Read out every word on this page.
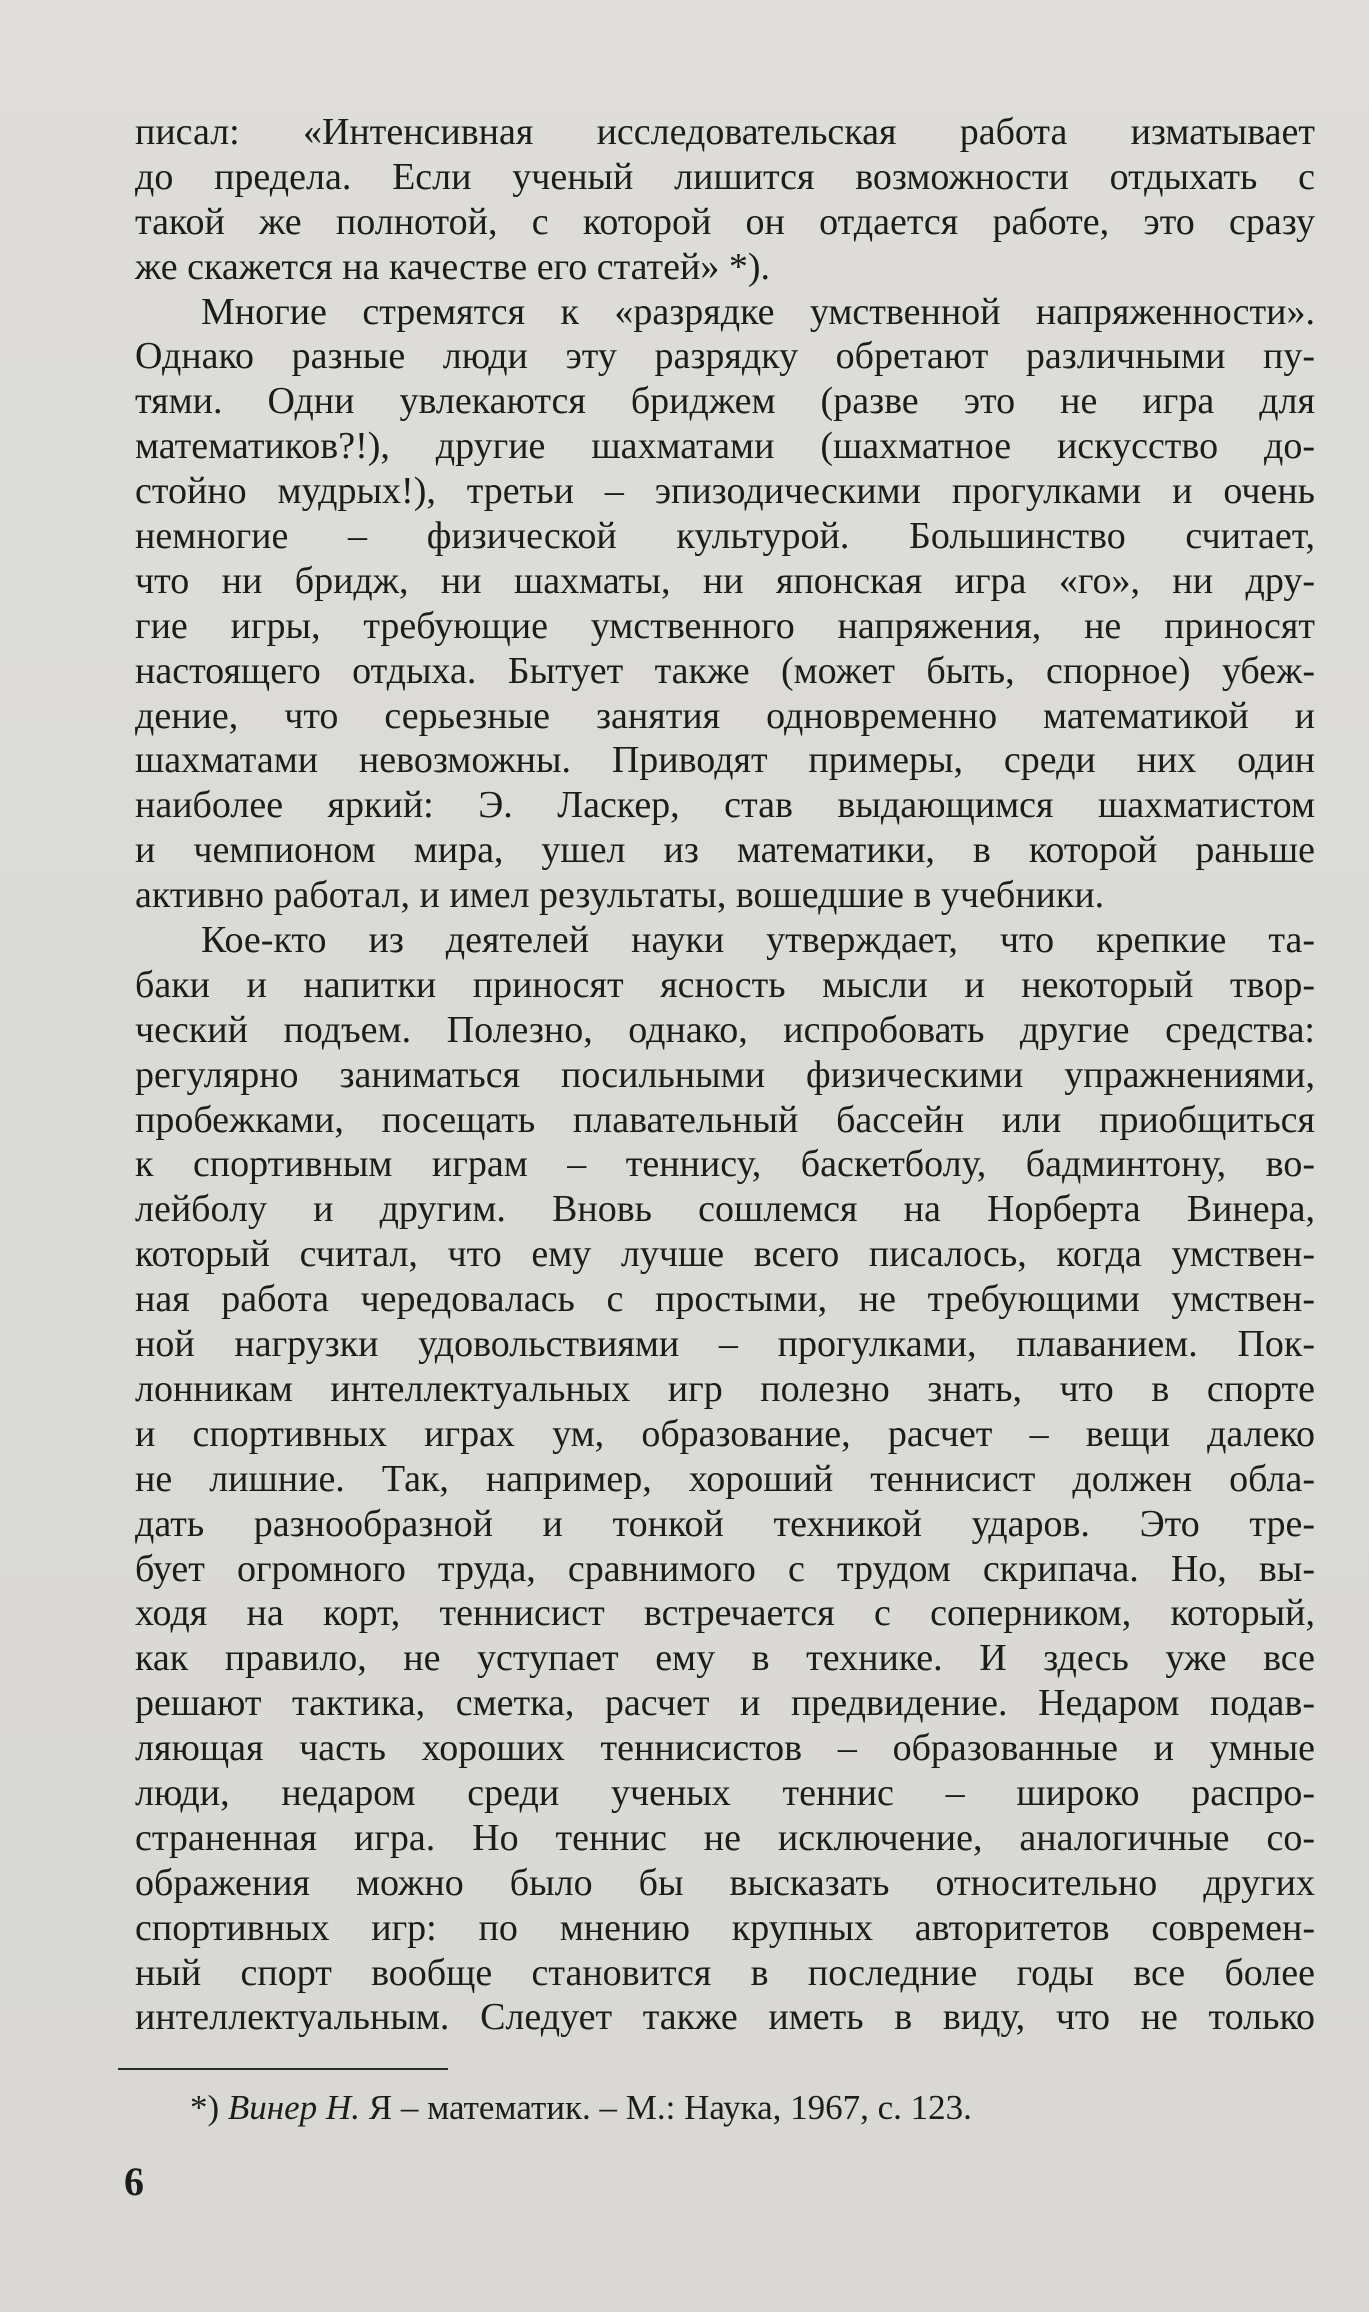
писал: «Интенсивная исследовательская работа изматывает
до предела. Если ученый лишится возможности отдыхать с
такой же полнотой, с которой он отдается работе, это сразу
же скажется на качестве его статей» *).
Многие стремятся к «разрядке умственной напряженности».
Однако разные люди эту разрядку обретают различными пу-
тями. Одни увлекаются бриджем (разве это не игра для
математиков?!), другие шахматами (шахматное искусство до-
стойно мудрых!), третьи – эпизодическими прогулками и очень
немногие – физической культурой. Большинство считает,
что ни бридж, ни шахматы, ни японская игра «го», ни дру-
гие игры, требующие умственного напряжения, не приносят
настоящего отдыха. Бытует также (может быть, спорное) убеж-
дение, что серьезные занятия одновременно математикой и
шахматами невозможны. Приводят примеры, среди них один
наиболее яркий: Э. Ласкер, став выдающимся шахматистом
и чемпионом мира, ушел из математики, в которой раньше
активно работал, и имел результаты, вошедшие в учебники.
Кое-кто из деятелей науки утверждает, что крепкие та-
баки и напитки приносят ясность мысли и некоторый твор-
ческий подъем. Полезно, однако, испробовать другие средства:
регулярно заниматься посильными физическими упражнениями,
пробежками, посещать плавательный бассейн или приобщиться
к спортивным играм – теннису, баскетболу, бадминтону, во-
лейболу и другим. Вновь сошлемся на Норберта Винера,
который считал, что ему лучше всего писалось, когда умствен-
ная работа чередовалась с простыми, не требующими умствен-
ной нагрузки удовольствиями – прогулками, плаванием. Пок-
лонникам интеллектуальных игр полезно знать, что в спорте
и спортивных играх ум, образование, расчет – вещи далеко
не лишние. Так, например, хороший теннисист должен обла-
дать разнообразной и тонкой техникой ударов. Это тре-
бует огромного труда, сравнимого с трудом скрипача. Но, вы-
ходя на корт, теннисист встречается с соперником, который,
как правило, не уступает ему в технике. И здесь уже все
решают тактика, сметка, расчет и предвидение. Недаром подав-
ляющая часть хороших теннисистов – образованные и умные
люди, недаром среди ученых теннис – широко распро-
страненная игра. Но теннис не исключение, аналогичные со-
ображения можно было бы высказать относительно других
спортивных игр: по мнению крупных авторитетов современ-
ный спорт вообще становится в последние годы все более
интеллектуальным. Следует также иметь в виду, что не только
*) Винер Н. Я – математик. – М.: Наука, 1967, с. 123.
6
